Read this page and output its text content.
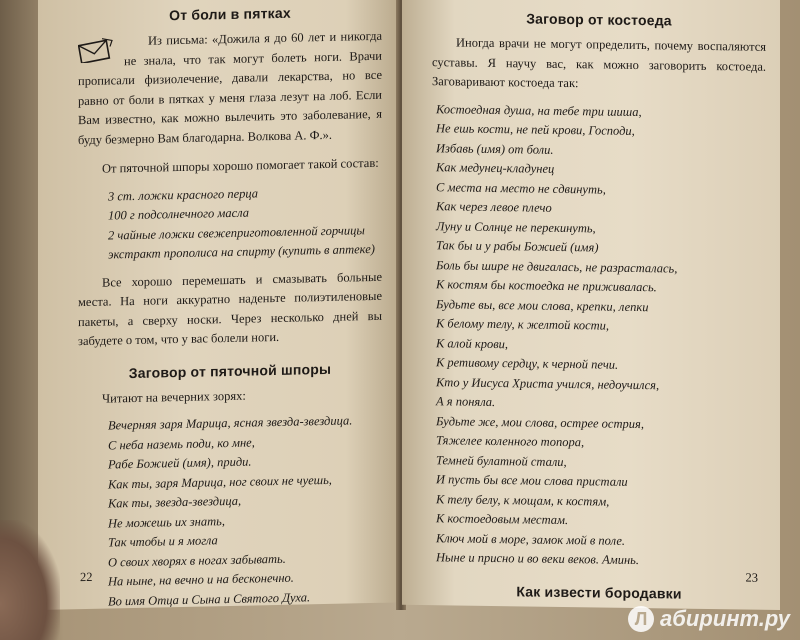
От боли в пятках

Из письма: «Дожила я до 60 лет и никогда не знала, что так могут болеть ноги. Врачи прописали физиолечение, давали лекарства, но все равно от боли в пятках у меня глаза лезут на лоб. Если Вам известно, как можно вылечить это заболевание, я буду безмерно Вам благодарна. Волкова А. Ф.».

От пяточной шпоры хорошо помогает такой состав:

3 ст. ложки красного перца
100 г подсолнечного масла
2 чайные ложки свежеприготовленной горчицы
экстракт прополиса на спирту (купить в аптеке)

Все хорошо перемешать и смазывать больные места. На ноги аккуратно наденьте полиэтиленовые пакеты, а сверху носки. Через несколько дней вы забудете о том, что у вас болели ноги.

Заговор от пяточной шпоры

Читают на вечерних зорях:

Вечерняя заря Марица, ясная звезда-звездица.
С неба наземь поди, ко мне,
Рабе Божией (имя), приди.
Как ты, заря Марица, ног своих не чуешь,
Как ты, звезда-звездица,
Не можешь их знать,
Так чтобы и я могла
О своих хворях в ногах забывать.
На ныне, на вечно и на бесконечно.
Во имя Отца и Сына и Святого Духа.
22
Заговор от костоеда

Иногда врачи не могут определить, почему воспаляются суставы. Я научу вас, как можно заговорить костоеда. Заговаривают костоеда так:

Костоедная душа, на тебе три шиша,
Не ешь кости, не пей крови, Господи,
Избавь (имя) от боли.
Как медунец-кладунец
С места на место не сдвинуть,
Как через левое плечо
Луну и Солнце не перекинуть,
Так бы и у рабы Божией (имя)
Боль бы шире не двигалась, не разрасталась,
К костям бы костоедка не приживалась.
Будьте вы, все мои слова, крепки, лепки
К белому телу, к желтой кости,
К алой крови,
К ретивому сердцу, к черной печи.
Кто у Иисуса Христа учился, недоучился,
А я поняла.
Будьте же, мои слова, острее острия,
Тяжелее коленного топора,
Темней булатной стали,
И пусть бы все мои слова пристали
К телу белу, к мощам, к костям,
К костоедовым местам.
Ключ мой в море, замок мой в поле.
Ныне и присно и во веки веков. Аминь.
Как извести бородавки

23
Л абиринт.ру
